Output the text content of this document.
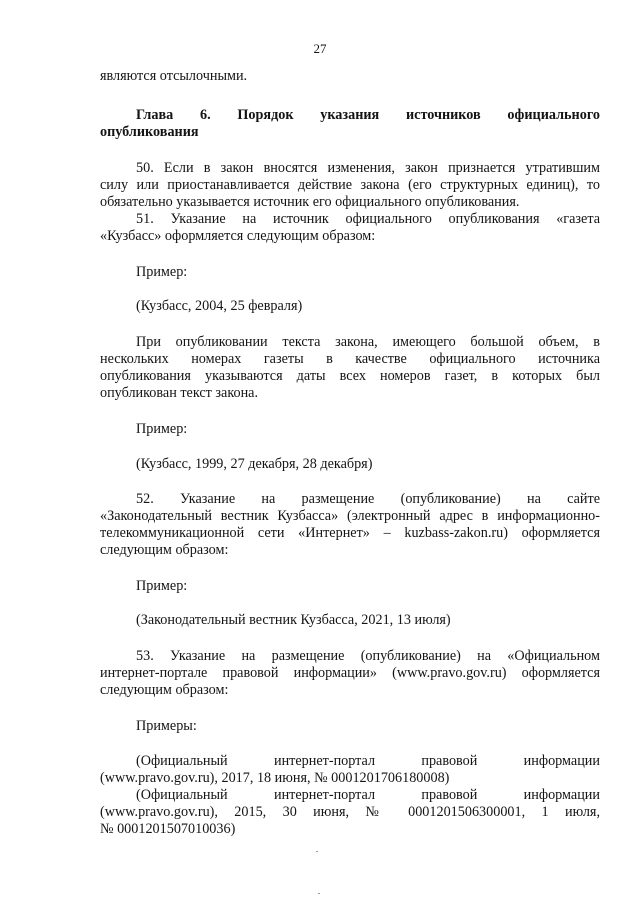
27
являются отсылочными.
Глава 6. Порядок указания источников официального
опубликования
50. Если в закон вносятся изменения, закон признается утратившим
силу или приостанавливается действие закона (его структурных единиц), то
обязательно указывается источник его официального опубликования.
51. Указание на источник официального опубликования «газета
«Кузбасс» оформляется следующим образом:
Пример:
(Кузбасс, 2004, 25 февраля)
При опубликовании текста закона, имеющего большой объем, в
нескольких номерах газеты в качестве официального источника
опубликования указываются даты всех номеров газет, в которых был
опубликован текст закона.
Пример:
(Кузбасс, 1999, 27 декабря, 28 декабря)
52. Указание на размещение (опубликование) на сайте
«Законодательный вестник Кузбасса» (электронный адрес в информационно-
телекоммуникационной сети «Интернет» – kuzbass-zakon.ru) оформляется
следующим образом:
Пример:
(Законодательный вестник Кузбасса, 2021, 13 июля)
53. Указание на размещение (опубликование) на «Официальном
интернет-портале правовой информации» (www.pravo.gov.ru) оформляется
следующим образом:
Примеры:
(Официальный интернет-портал правовой информации
(www.pravo.gov.ru), 2017, 18 июня, № 0001201706180008)
(Официальный интернет-портал правовой информации
(www.pravo.gov.ru), 2015, 30 июня, № 0001201506300001, 1 июля,
№ 0001201507010036)
